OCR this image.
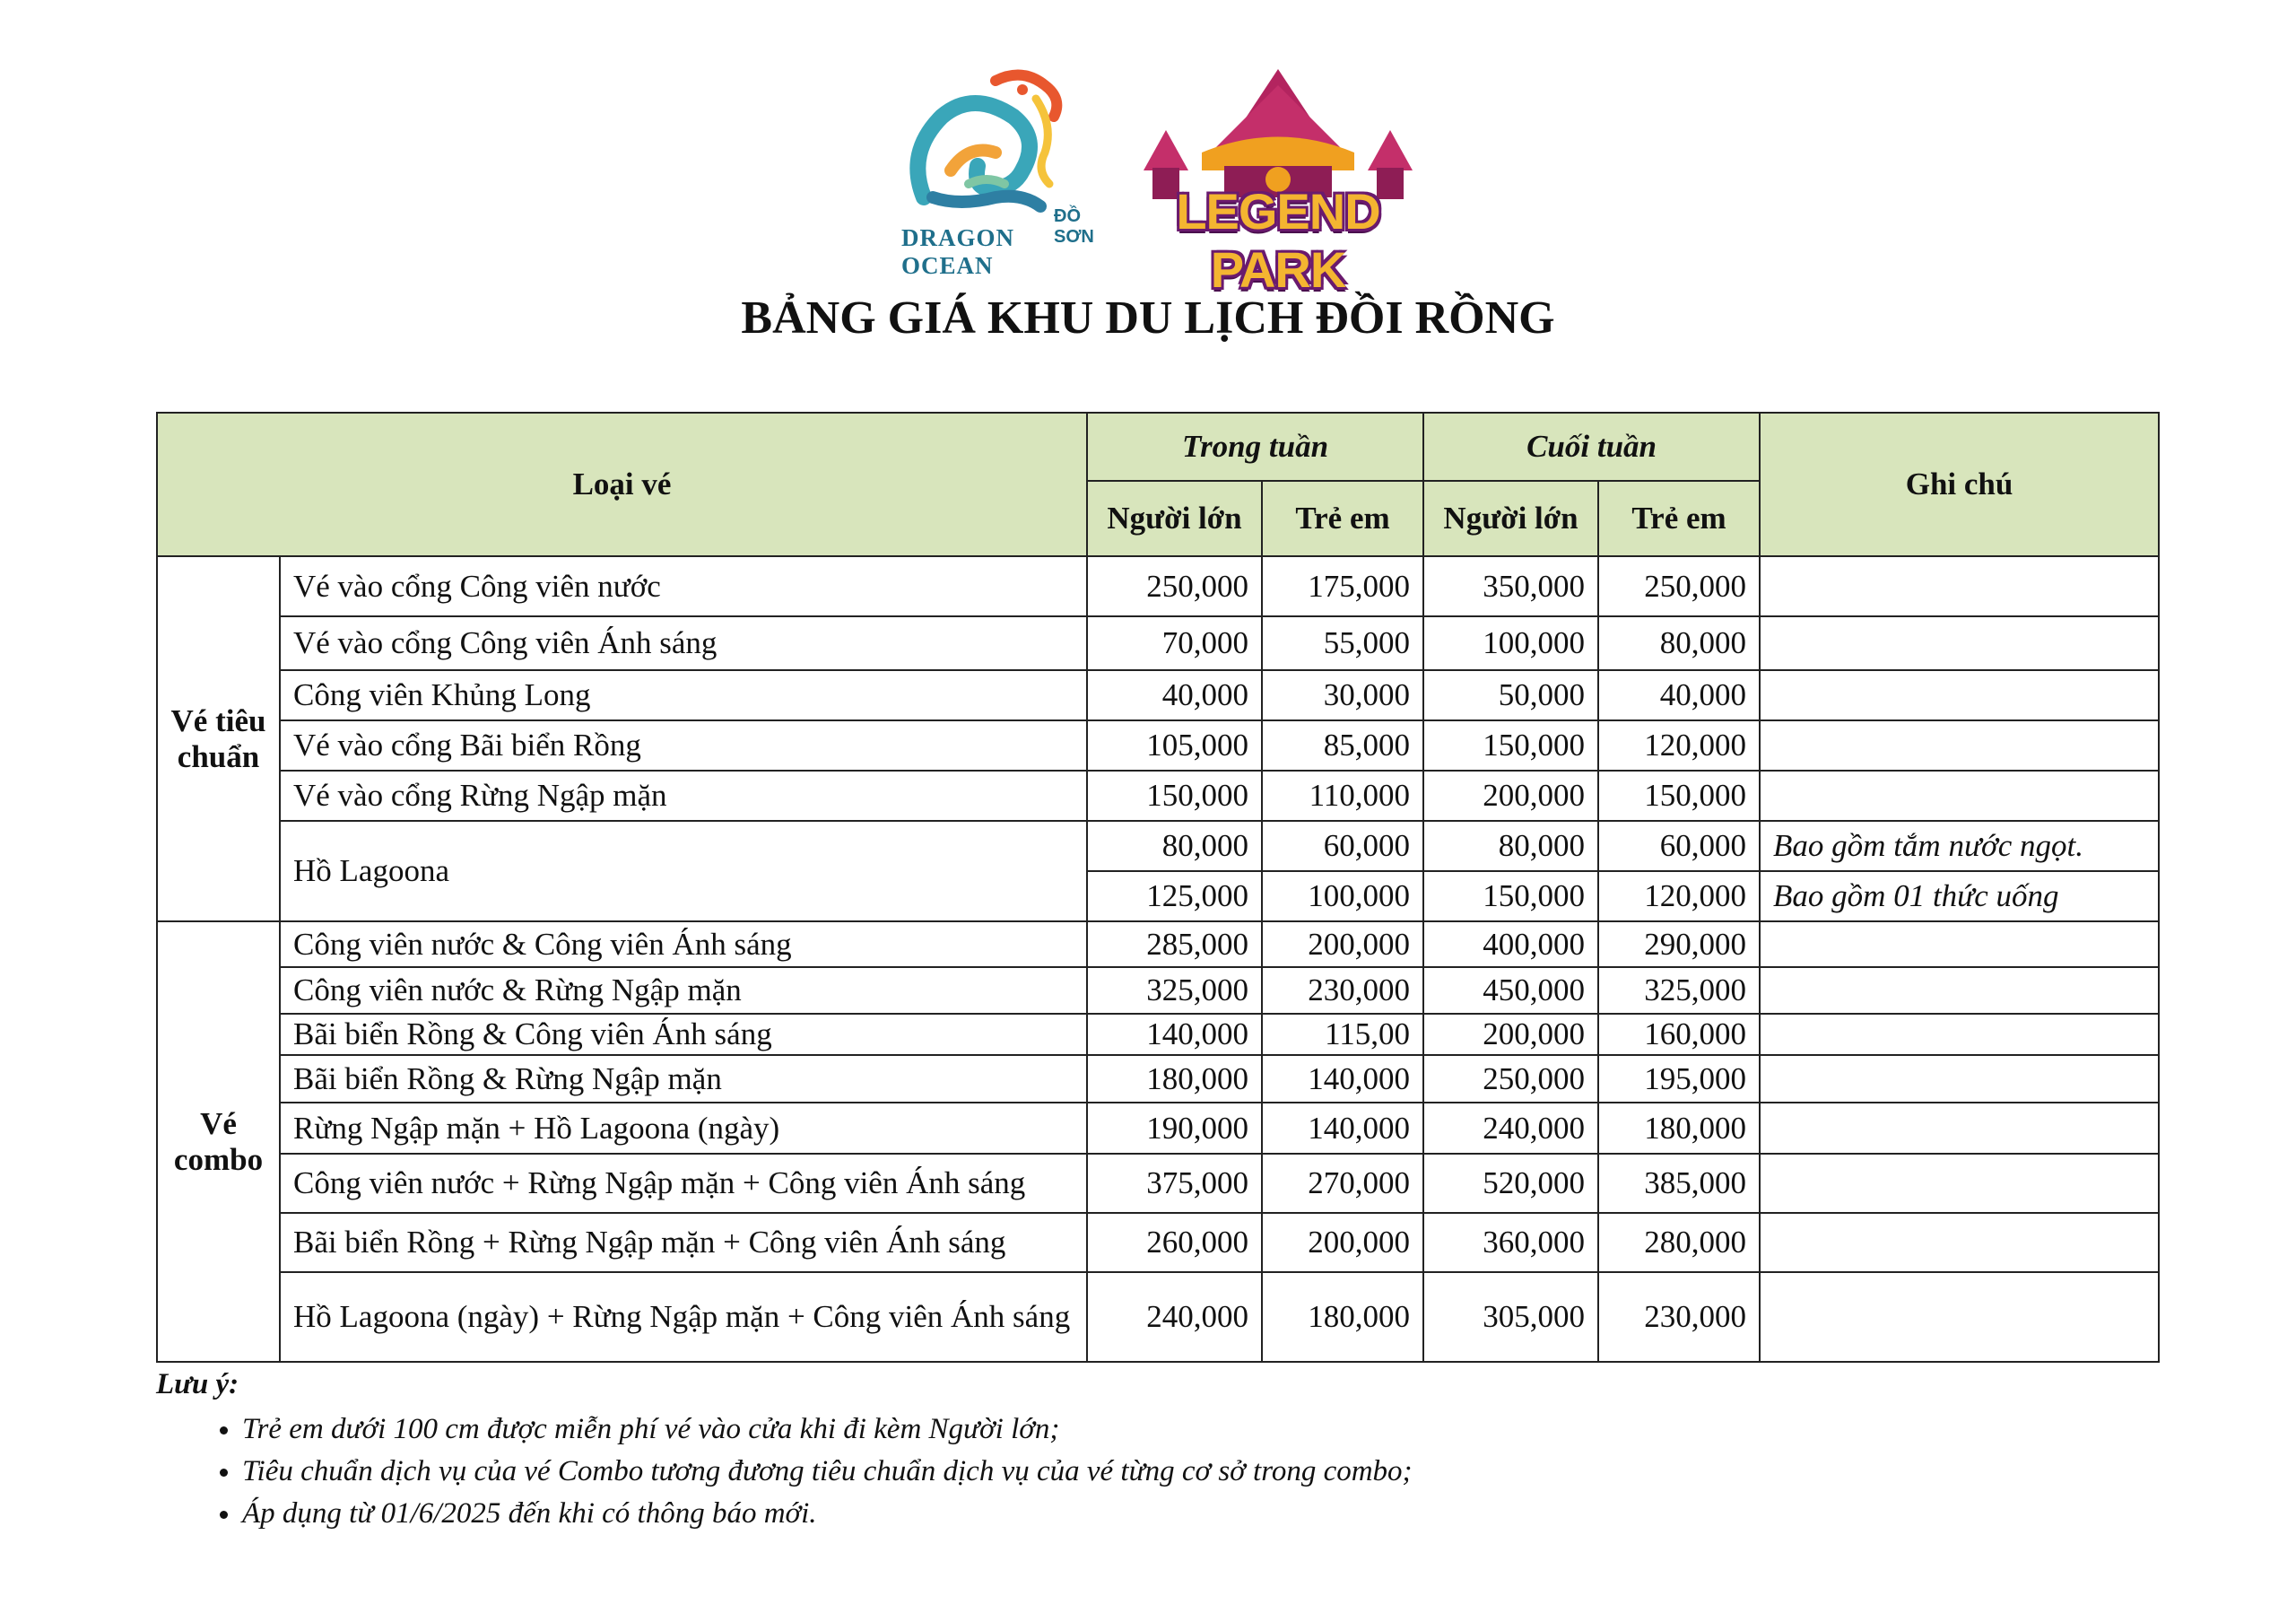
ĐỒ SƠN
DRAGON OCEAN
LEGEND PARK
BẢNG GIÁ KHU DU LỊCH ĐỒI RỒNG
Loại vé		Trong tuần		Cuối tuần		Ghi chú
		Người lớn	Trẻ em	Người lớn	Trẻ em	
Vé tiêu chuẩn	Vé vào cổng Công viên nước	250,000	175,000	350,000	250,000	
	Vé vào cổng Công viên Ánh sáng	70,000	55,000	100,000	80,000	
	Công viên Khủng Long	40,000	30,000	50,000	40,000	
	Vé vào cổng Bãi biển Rồng	105,000	85,000	150,000	120,000	
	Vé vào cổng Rừng Ngập mặn	150,000	110,000	200,000	150,000	
	Hồ Lagoona	80,000	60,000	80,000	60,000	Bao gồm tắm nước ngọt.
		125,000	100,000	150,000	120,000	Bao gồm 01 thức uống
Vé combo	Công viên nước & Công viên Ánh sáng	285,000	200,000	400,000	290,000	
	Công viên nước & Rừng Ngập mặn	325,000	230,000	450,000	325,000	
	Bãi biển Rồng & Công viên Ánh sáng	140,000	115,00	200,000	160,000	
	Bãi biển Rồng & Rừng Ngập mặn	180,000	140,000	250,000	195,000	
	Rừng Ngập mặn + Hồ Lagoona (ngày)	190,000	140,000	240,000	180,000	
	Công viên nước + Rừng Ngập mặn + Công viên Ánh sáng	375,000	270,000	520,000	385,000	
	Bãi biển Rồng + Rừng Ngập mặn + Công viên Ánh sáng	260,000	200,000	360,000	280,000	
	Hồ Lagoona (ngày) + Rừng Ngập mặn + Công viên Ánh sáng	240,000	180,000	305,000	230,000	
Lưu ý:
• Trẻ em dưới 100 cm được miễn phí vé vào cửa khi đi kèm Người lớn;
• Tiêu chuẩn dịch vụ của vé Combo tương đương tiêu chuẩn dịch vụ của vé từng cơ sở trong combo;
• Áp dụng từ 01/6/2025 đến khi có thông báo mới.
